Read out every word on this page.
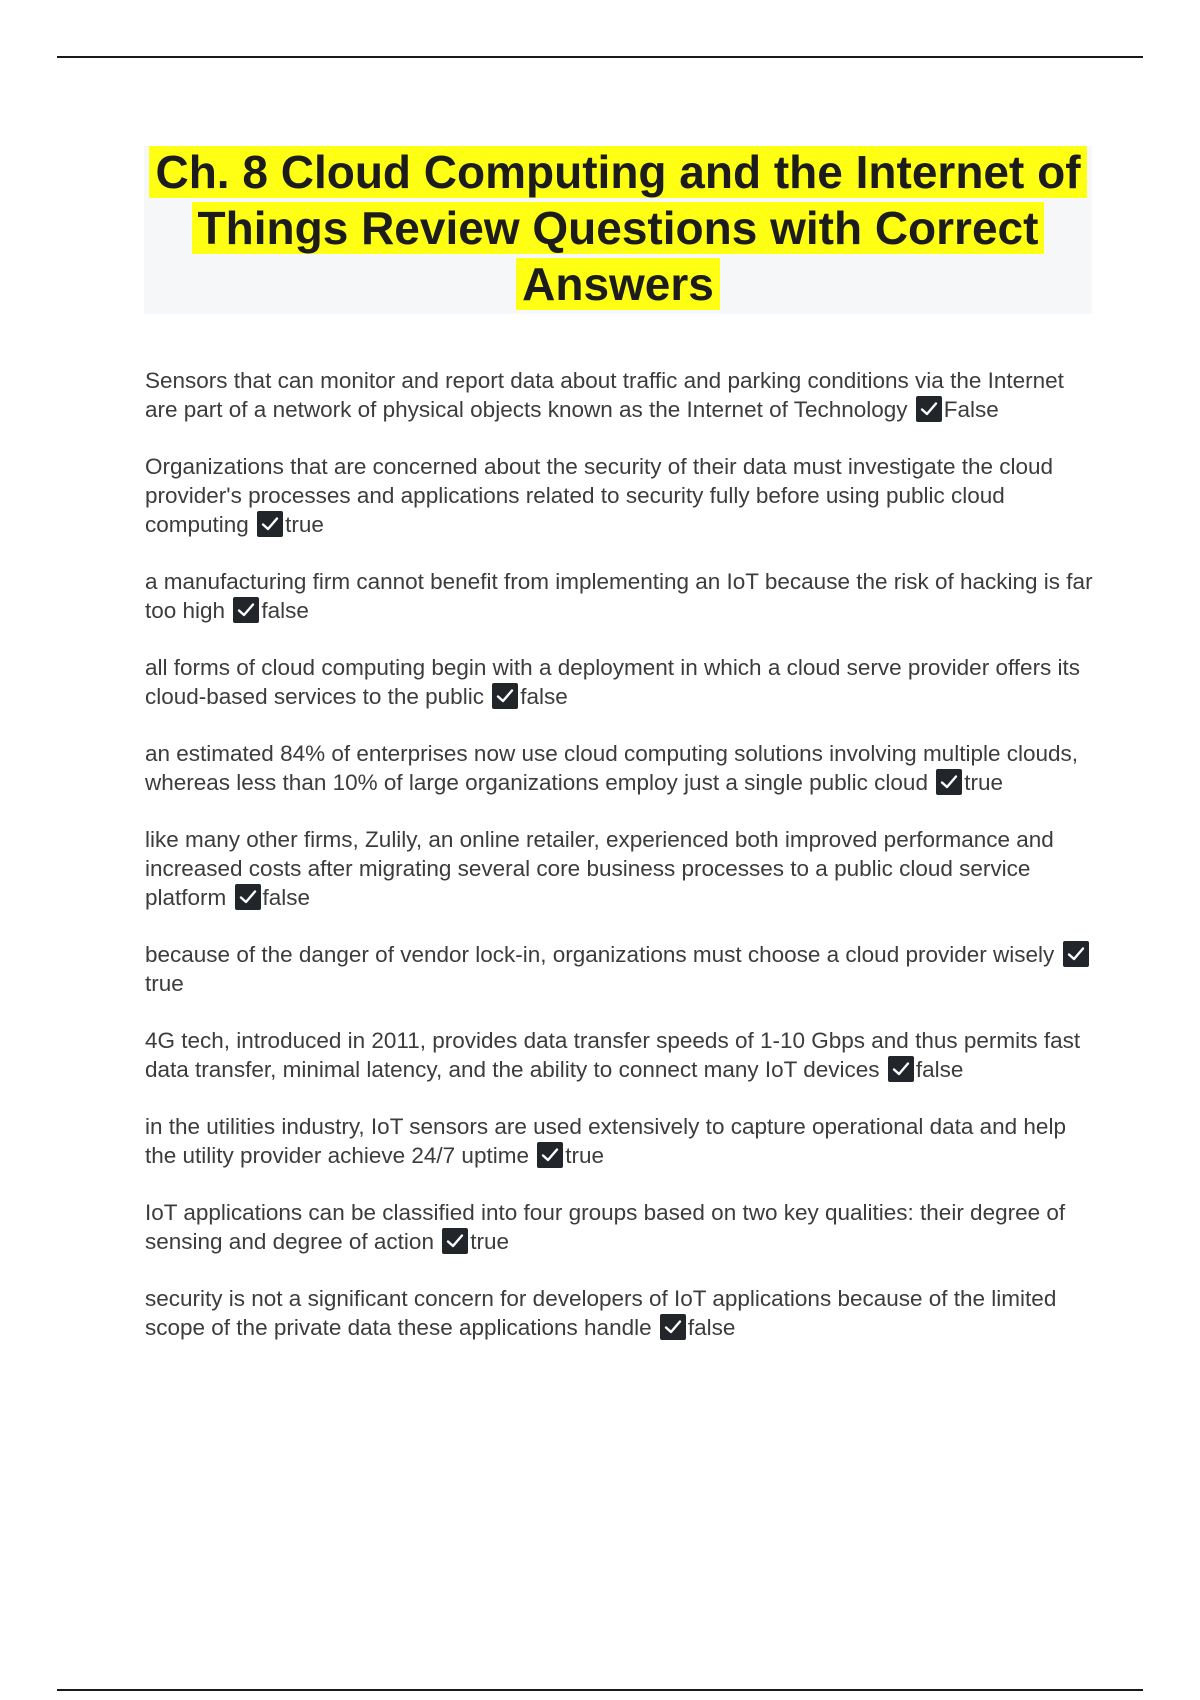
Ch. 8 Cloud Computing and the Internet of Things Review Questions with Correct Answers

Sensors that can monitor and report data about traffic and parking conditions via the Internet are part of a network of physical objects known as the Internet of Technology False

Organizations that are concerned about the security of their data must investigate the cloud provider's processes and applications related to security fully before using public cloud computing true

a manufacturing firm cannot benefit from implementing an IoT because the risk of hacking is far too high false

all forms of cloud computing begin with a deployment in which a cloud serve provider offers its cloud-based services to the public false

an estimated 84% of enterprises now use cloud computing solutions involving multiple clouds, whereas less than 10% of large organizations employ just a single public cloud true

like many other firms, Zulily, an online retailer, experienced both improved performance and increased costs after migrating several core business processes to a public cloud service platform false

because of the danger of vendor lock-in, organizations must choose a cloud provider wisely
true

4G tech, introduced in 2011, provides data transfer speeds of 1-10 Gbps and thus permits fast data transfer, minimal latency, and the ability to connect many IoT devices false

in the utilities industry, IoT sensors are used extensively to capture operational data and help the utility provider achieve 24/7 uptime true

IoT applications can be classified into four groups based on two key qualities: their degree of sensing and degree of action true

security is not a significant concern for developers of IoT applications because of the limited scope of the private data these applications handle false
